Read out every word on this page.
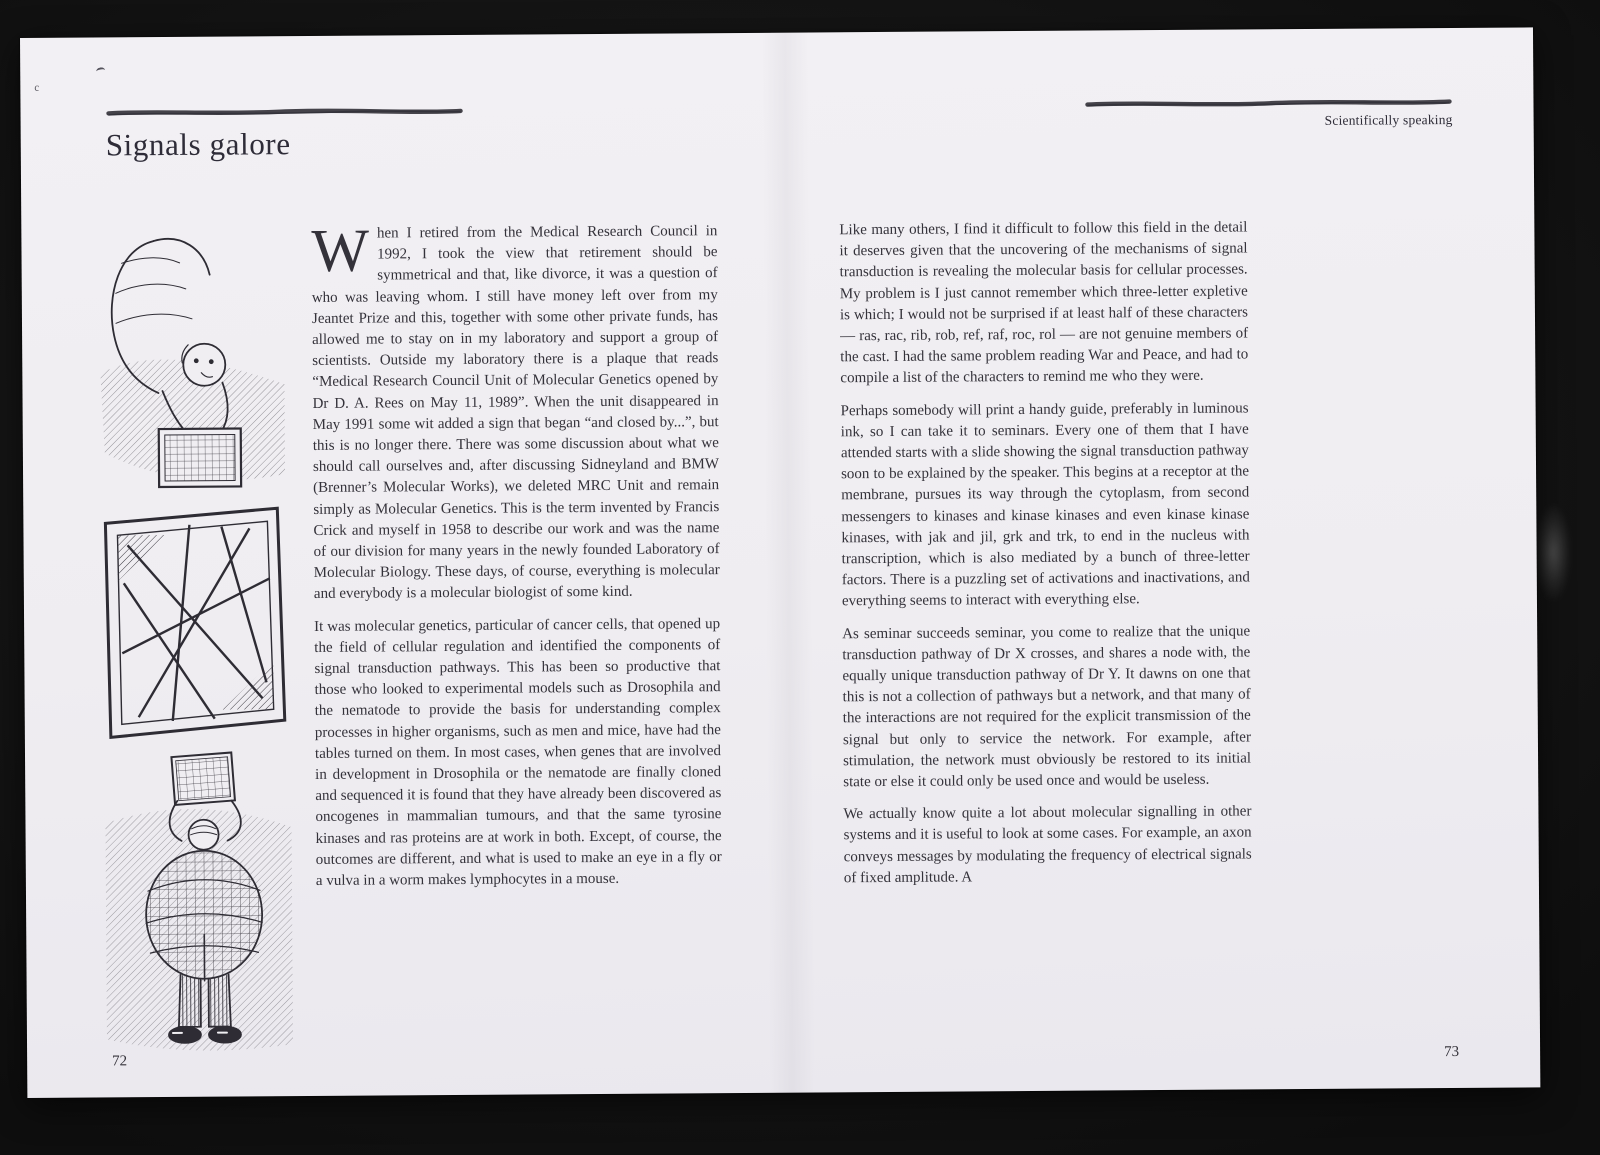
c
Signals galore
Scientifically speaking

When I retired from the Medical Research Council in 1992, I took the view that retirement should be symmetrical and that, like divorce, it was a question of who was leaving whom. I still have money left over from my Jeantet Prize and this, together with some other private funds, has allowed me to stay on in my laboratory and support a group of scientists. Outside my laboratory there is a plaque that reads “Medical Research Council Unit of Molecular Genetics opened by Dr D. A. Rees on May 11, 1989”. When the unit disappeared in May 1991 some wit added a sign that began “and closed by...”, but this is no longer there. There was some discussion about what we should call ourselves and, after discussing Sidneyland and BMW (Brenner’s Molecular Works), we deleted MRC Unit and remain simply as Molecular Genetics. This is the term invented by Francis Crick and myself in 1958 to describe our work and was the name of our division for many years in the newly founded Laboratory of Molecular Biology. These days, of course, everything is molecular and everybody is a molecular biologist of some kind.

It was molecular genetics, particular of cancer cells, that opened up the field of cellular regulation and identified the components of signal transduction pathways. This has been so productive that those who looked to experimental models such as Drosophila and the nematode to provide the basis for understanding complex processes in higher organisms, such as men and mice, have had the tables turned on them. In most cases, when genes that are involved in development in Drosophila or the nematode are finally cloned and sequenced it is found that they have already been discovered as oncogenes in mammalian tumours, and that the same tyrosine kinases and ras proteins are at work in both. Except, of course, the outcomes are different, and what is used to make an eye in a fly or a vulva in a worm makes lymphocytes in a mouse.

Like many others, I find it difficult to follow this field in the detail it deserves given that the uncovering of the mechanisms of signal transduction is revealing the molecular basis for cellular processes. My problem is I just cannot remember which three-letter expletive is which; I would not be surprised if at least half of these characters — ras, rac, rib, rob, ref, raf, roc, rol — are not genuine members of the cast. I had the same problem reading War and Peace, and had to compile a list of the characters to remind me who they were.

Perhaps somebody will print a handy guide, preferably in luminous ink, so I can take it to seminars. Every one of them that I have attended starts with a slide showing the signal transduction pathway soon to be explained by the speaker. This begins at a receptor at the membrane, pursues its way through the cytoplasm, from second messengers to kinases and kinase kinases and even kinase kinase kinases, with jak and jil, grk and trk, to end in the nucleus with transcription, which is also mediated by a bunch of three-letter factors. There is a puzzling set of activations and inactivations, and everything seems to interact with everything else.

As seminar succeeds seminar, you come to realize that the unique transduction pathway of Dr X crosses, and shares a node with, the equally unique transduction pathway of Dr Y. It dawns on one that this is not a collection of pathways but a network, and that many of the interactions are not required for the explicit transmission of the signal but only to service the network. For example, after stimulation, the network must obviously be restored to its initial state or else it could only be used once and would be useless.

We actually know quite a lot about molecular signalling in other systems and it is useful to look at some cases. For example, an axon conveys messages by modulating the frequency of electrical signals of fixed amplitude. A

72
73
